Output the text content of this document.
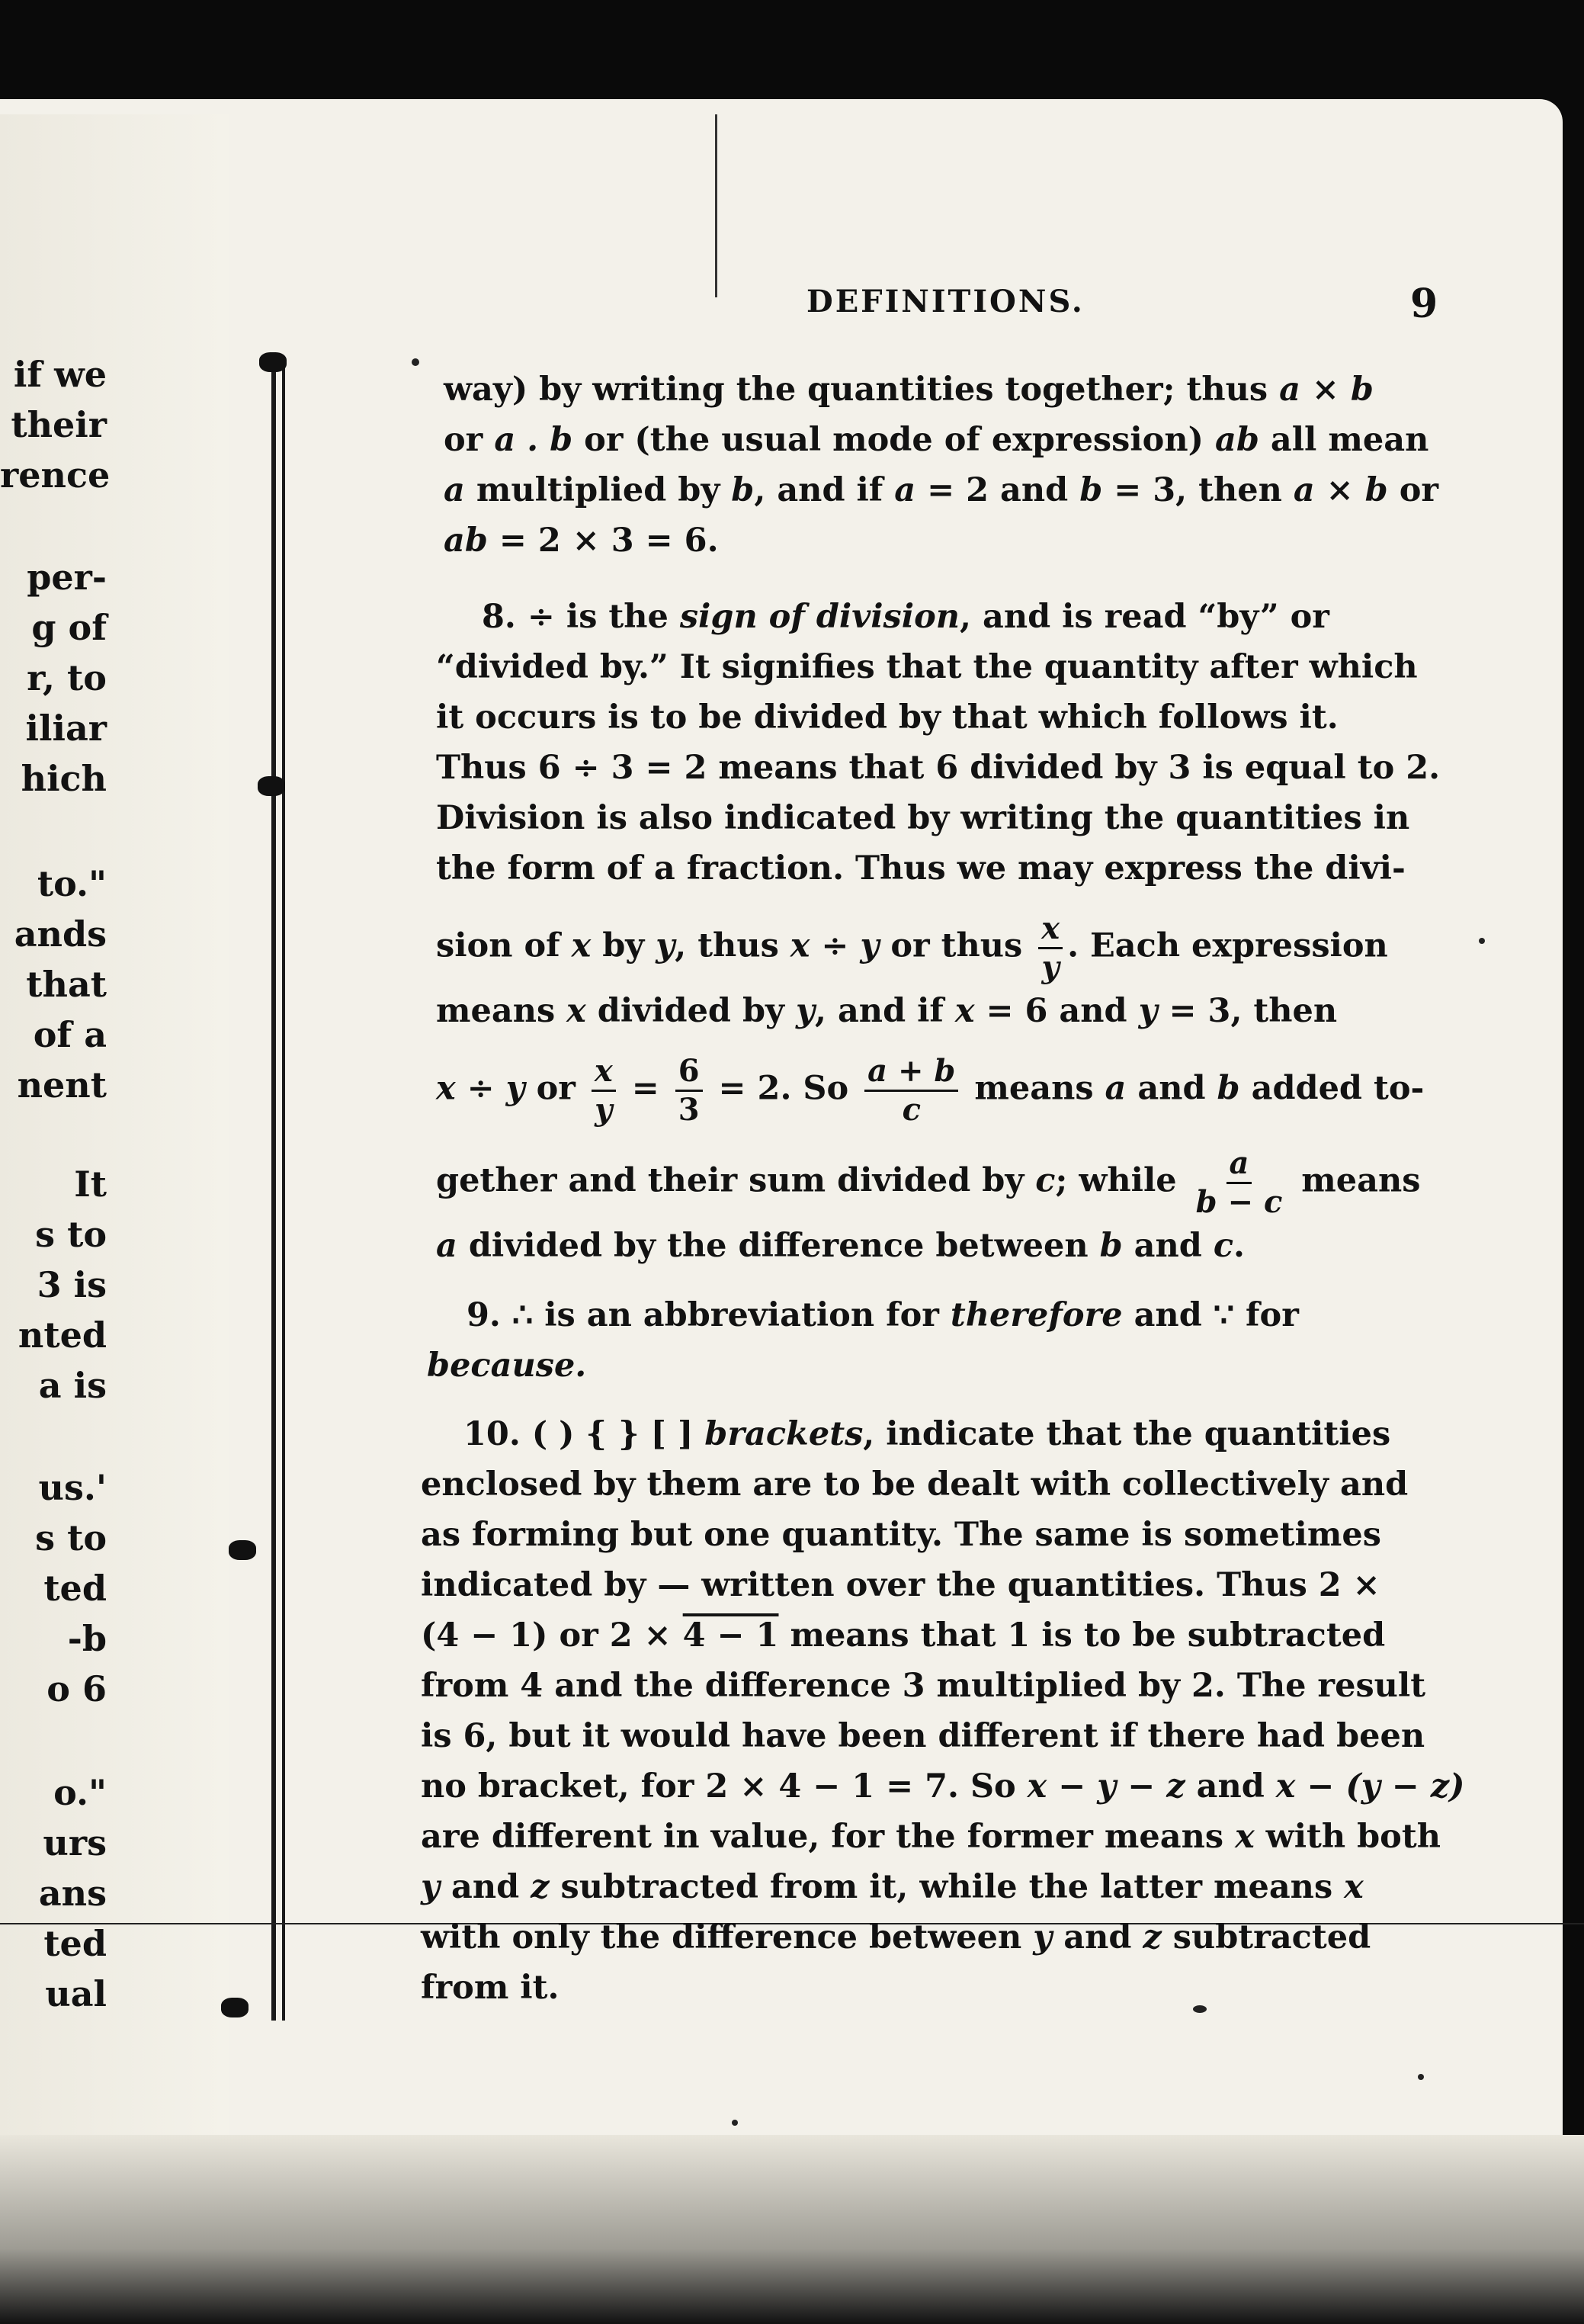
if we
their
rence
per-
g of
r, to
iliar
hich
to."
ands
that
of a
nent
It
s to
3 is
nted
a is
us.'
s to
ted
-b
o 6
o."
urs
ans
ted
ual
DEFINITIONS.	9
way) by writing the quantities together; thus a × b
or a . b or (the usual mode of expression) ab all mean
a multiplied by b, and if a = 2 and b = 3, then a × b or
ab = 2 × 3 = 6.
8. ÷ is the sign of division, and is read “by” or
“divided by.” It signifies that the quantity after which
it occurs is to be divided by that which follows it.
Thus 6 ÷ 3 = 2 means that 6 divided by 3 is equal to 2.
Division is also indicated by writing the quantities in
the form of a fraction. Thus we may express the divi-
sion of x by y, thus x ÷ y or thus $\frac{x}{y}$ . Each expression
means x divided by y, and if x = 6 and y = 3, then
x ÷ y or $\frac{x}{y} = \frac{6}{3} = 2$. So $\frac{a + b}{c}$ means a and b added to-
gether and their sum divided by c; while $\frac{a}{b - c}$ means
a divided by the difference between b and c.
9. ∴ is an abbreviation for therefore and ∵ for
because.
10. ( ) { } [ ] brackets, indicate that the quantities
enclosed by them are to be dealt with collectively and
as forming but one quantity. The same is sometimes
indicated by — written over the quantities. Thus 2 ×
(4 − 1) or 2 × 4 − 1 means that 1 is to be subtracted
from 4 and the difference 3 multiplied by 2. The result
is 6, but it would have been different if there had been
no bracket, for 2 × 4 − 1 = 7. So x − y − z and x − (y − z)
are different in value, for the former means x with both
y and z subtracted from it, while the latter means x
with only the difference between y and z subtracted
from it.
